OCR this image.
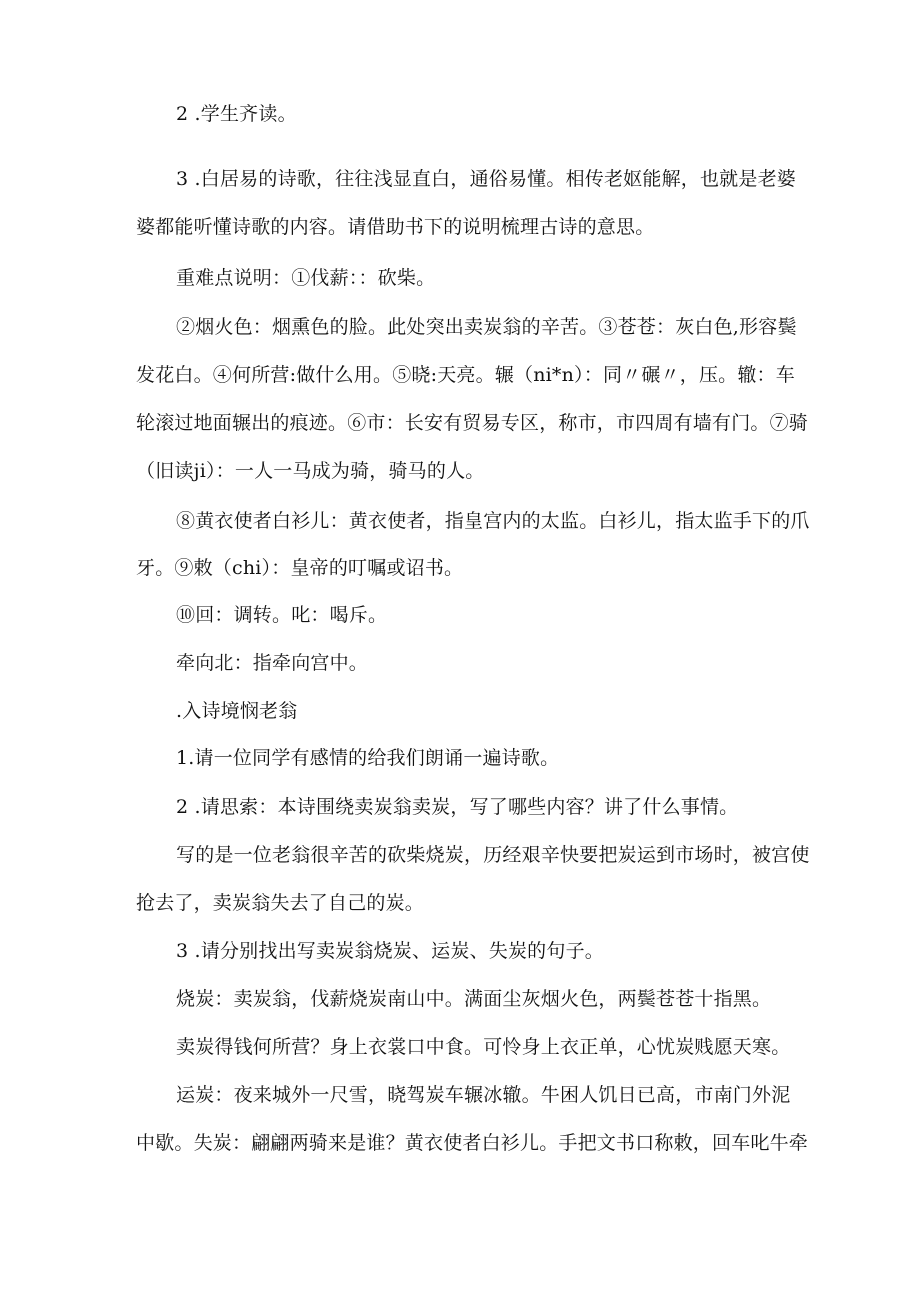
2 .学生齐读。
3 .白居易的诗歌，往往浅显直白，通俗易懂。相传老妪能解，也就是老婆
婆都能听懂诗歌的内容。请借助书下的说明梳理古诗的意思。
重难点说明：①伐薪：：砍柴。
②烟火色：烟熏色的脸。此处突出卖炭翁的辛苦。③苍苍：灰白色,形容鬓
发花白。④何所营:做什么用。⑤晓:天亮。辗（ni*n）：同〃碾〃，压。辙：车
轮滚过地面辗出的痕迹。⑥市：长安有贸易专区，称市，市四周有墙有门。⑦骑
（旧读ji）：一人一马成为骑，骑马的人。
⑧黄衣使者白衫儿：黄衣使者，指皇宫内的太监。白衫儿，指太监手下的爪
牙。⑨敕（chi）：皇帝的叮嘱或诏书。
⑩回：调转。叱：喝斥。
牵向北：指牵向宫中。
.入诗境悯老翁
1.请一位同学有感情的给我们朗诵一遍诗歌。
2 .请思索：本诗围绕卖炭翁卖炭，写了哪些内容？讲了什么事情。
写的是一位老翁很辛苦的砍柴烧炭，历经艰辛快要把炭运到市场时，被宫使
抢去了，卖炭翁失去了自己的炭。
3 .请分别找出写卖炭翁烧炭、运炭、失炭的句子。
烧炭：卖炭翁，伐薪烧炭南山中。满面尘灰烟火色，两鬓苍苍十指黑。
卖炭得钱何所营？身上衣裳口中食。可怜身上衣正单，心忧炭贱愿天寒。
运炭：夜来城外一尺雪，晓驾炭车辗冰辙。牛困人饥日已高，市南门外泥
中歇。失炭：翩翩两骑来是谁？黄衣使者白衫儿。手把文书口称敕，回车叱牛牵
